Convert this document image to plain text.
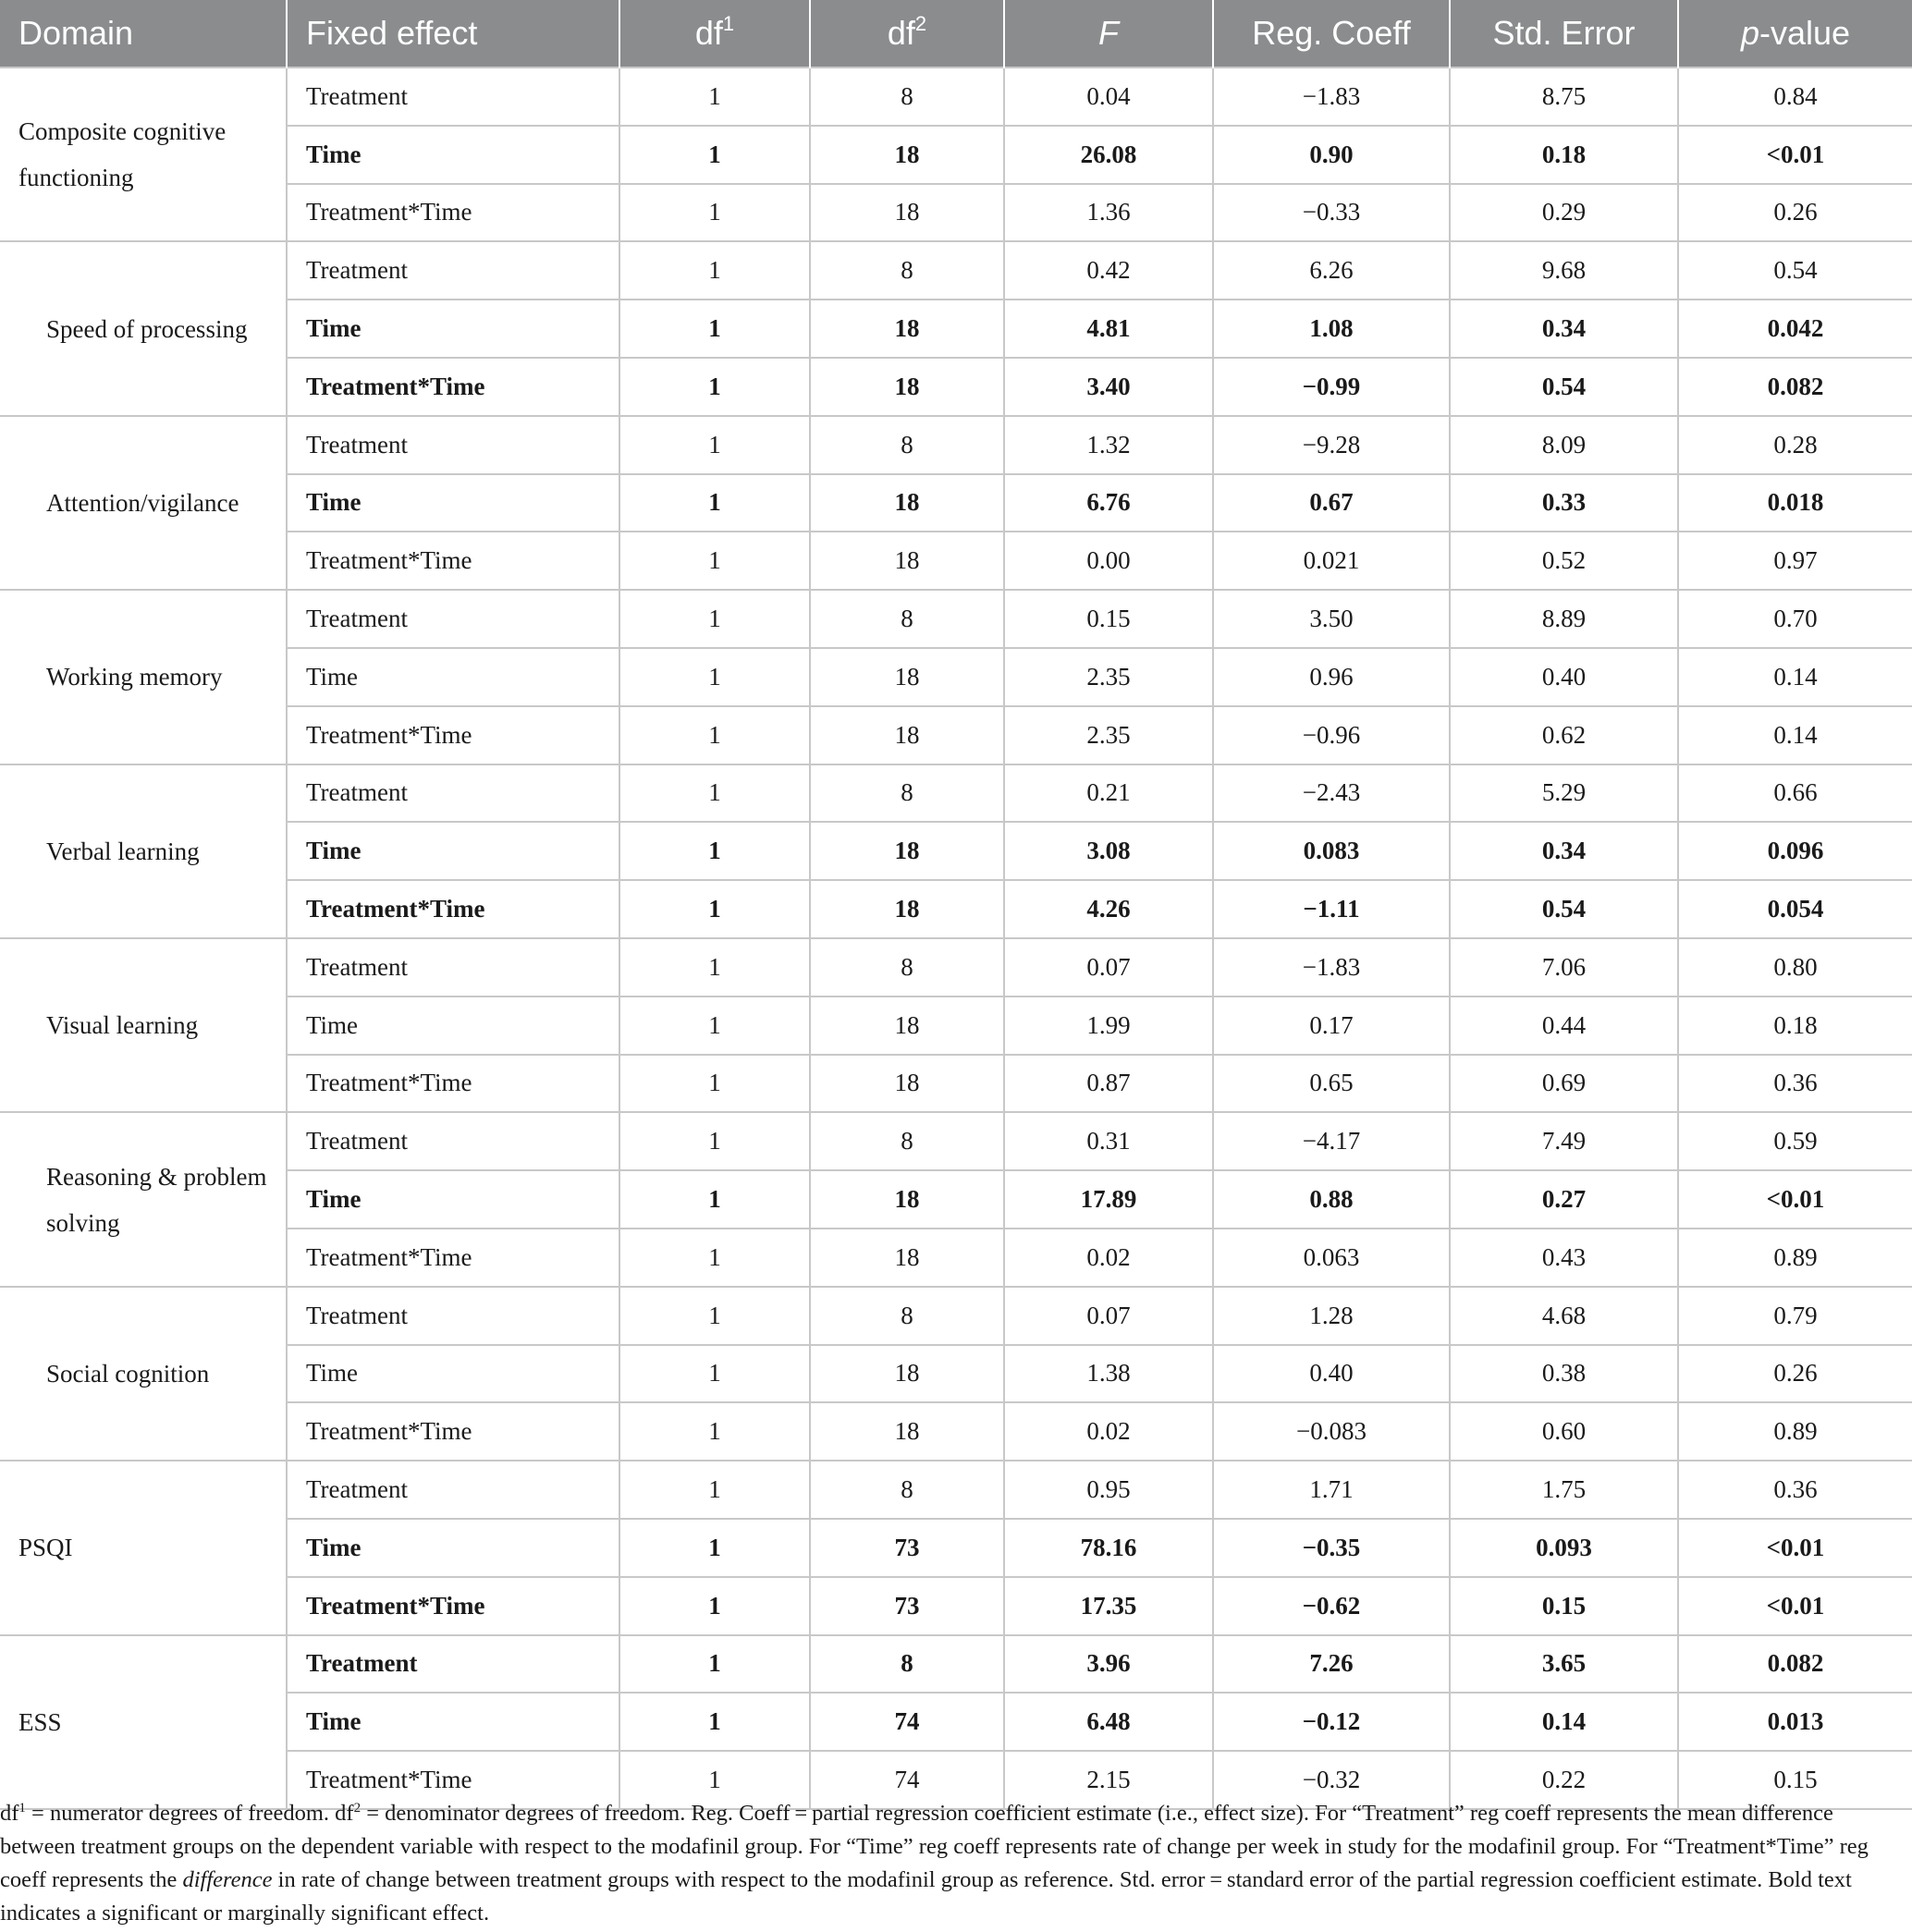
Domain	Fixed effect	$df^1$	$df^2$	F	Reg. Coeff	Std. Error	p-value
Composite cognitive functioning	Treatment	1	8	0.04	−1.83	8.75	0.84
	Time	1	18	26.08	0.90	0.18	<0.01
	Treatment*Time	1	18	1.36	−0.33	0.29	0.26
Speed of processing	Treatment	1	8	0.42	6.26	9.68	0.54
	Time	1	18	4.81	1.08	0.34	0.042
	Treatment*Time	1	18	3.40	−0.99	0.54	0.082
Attention/vigilance	Treatment	1	8	1.32	−9.28	8.09	0.28
	Time	1	18	6.76	0.67	0.33	0.018
	Treatment*Time	1	18	0.00	0.021	0.52	0.97
Working memory	Treatment	1	8	0.15	3.50	8.89	0.70
	Time	1	18	2.35	0.96	0.40	0.14
	Treatment*Time	1	18	2.35	−0.96	0.62	0.14
Verbal learning	Treatment	1	8	0.21	−2.43	5.29	0.66
	Time	1	18	3.08	0.083	0.34	0.096
	Treatment*Time	1	18	4.26	−1.11	0.54	0.054
Visual learning	Treatment	1	8	0.07	−1.83	7.06	0.80
	Time	1	18	1.99	0.17	0.44	0.18
	Treatment*Time	1	18	0.87	0.65	0.69	0.36
Reasoning & problem solving	Treatment	1	8	0.31	−4.17	7.49	0.59
	Time	1	18	17.89	0.88	0.27	<0.01
	Treatment*Time	1	18	0.02	0.063	0.43	0.89
Social cognition	Treatment	1	8	0.07	1.28	4.68	0.79
	Time	1	18	1.38	0.40	0.38	0.26
	Treatment*Time	1	18	0.02	−0.083	0.60	0.89
PSQI	Treatment	1	8	0.95	1.71	1.75	0.36
	Time	1	73	78.16	−0.35	0.093	<0.01
	Treatment*Time	1	73	17.35	−0.62	0.15	<0.01
ESS	Treatment	1	8	3.96	7.26	3.65	0.082
	Time	1	74	6.48	−0.12	0.14	0.013
	Treatment*Time	1	74	2.15	−0.32	0.22	0.15

$df^1$ = numerator degrees of freedom. $df^2$ = denominator degrees of freedom. Reg. Coeff = partial regression coefficient estimate (i.e., effect size). For “Treatment” reg coeff represents the mean difference between treatment groups on the dependent variable with respect to the modafinil group. For “Time” reg coeff represents rate of change per week in study for the modafinil group. For “Treatment*Time” reg coeff represents the difference in rate of change between treatment groups with respect to the modafinil group as reference. Std. error = standard error of the partial regression coefficient estimate. Bold text indicates a significant or marginally significant effect.
